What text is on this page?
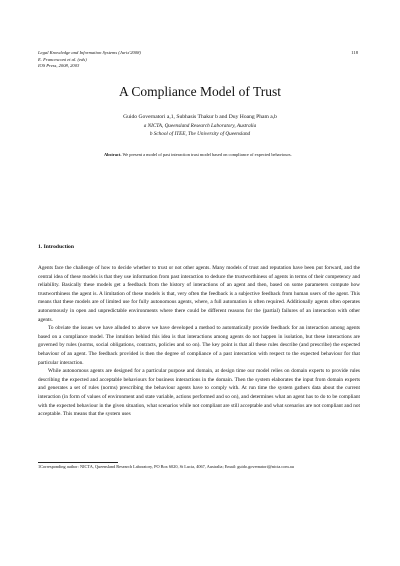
Legal Knowledge and Information Systems (Jurix'2008)
E. Francesconi et al. (eds)
IOS Press, 2008, 2003
118
A Compliance Model of Trust
Guido Governatori a,1, Subhasis Thakur b and Duy Hoang Pham a,b
a NICTA, Queensland Research Laboratory, Australia
b School of ITEE, The University of Queensland
Abstract. We present a model of past interaction trust model based on compliance of expected behaviours.
1. Introduction

Agents face the challenge of how to decide whether to trust or not other agents. Many models of trust and reputation have been put forward, and the central idea of these models is that they use information from past interaction to deduce the trustworthiness of agents in terms of their competency and reliability. Basically these models get a feedback from the history of interactions of an agent and then, based on some parameters compute how trustworthiness the agent is. A limitation of these models is that, very often the feedback is a subjective feedback from human users of the agent. This means that these models are of limited use for fully autonomous agents, where, a full automation is often required. Additionally agents often operates autonomously in open and unpredictable environments where there could be different reasons for the (partial) failures of an interaction with other agents.

To obviate the issues we have alluded to above we have developed a method to automatically provide feedback for an interaction among agents based on a compliance model. The intuition behind this idea is that interactions among agents do not happen in isolation, but these interactions are governed by rules (norms, social obligations, contracts, policies and so on). The key point is that all these rules describe (and prescribe) the expected behaviour of an agent. The feedback provided is then the degree of compliance of a past interaction with respect to the expected behaviour for that particular interaction.

While autonomous agents are designed for a particular purpose and domain, at design time our model relies on domain experts to provide rules describing the expected and acceptable behaviours for business interactions in the domain. Then the system elaborates the input from domain experts and generates a set of rules (norms) prescribing the behaviour agents have to comply with. At run time the system gathers data about the current interaction (in form of values of environment and state variable, actions performed and so on), and determines what an agent has to do to be compliant with the expected behaviour in the given situation, what scenarios while not compliant are still acceptable and what scenarios are not compliant and not acceptable. This means that the system uses

1Corresponding author: NICTA, Queensland Research Laboratory, PO Box 6020, St Lucia, 4067, Australia; Email: guido.governatori@nicta.com.au
